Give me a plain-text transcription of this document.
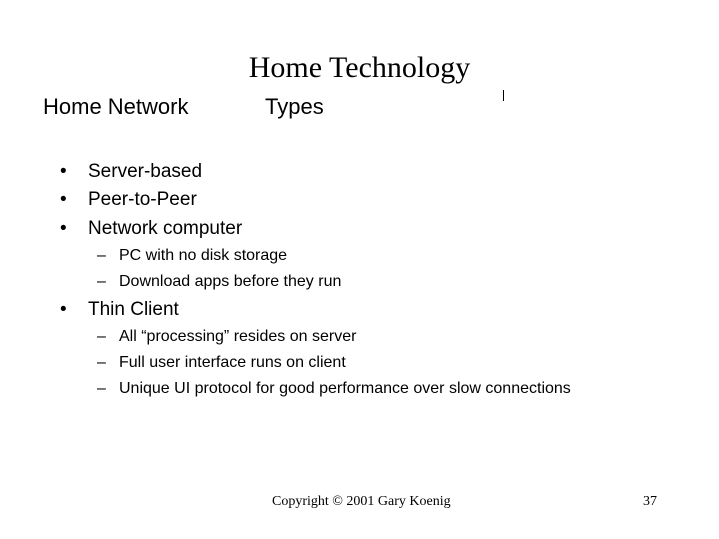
Home Technology
Home Network	Types
• Server-based
• Peer-to-Peer
• Network computer
– PC with no disk storage
– Download apps before they run
• Thin Client
– All “processing” resides on server
– Full user interface runs on client
– Unique UI protocol for good performance over slow connections
Copyright © 2001 Gary Koenig	37
